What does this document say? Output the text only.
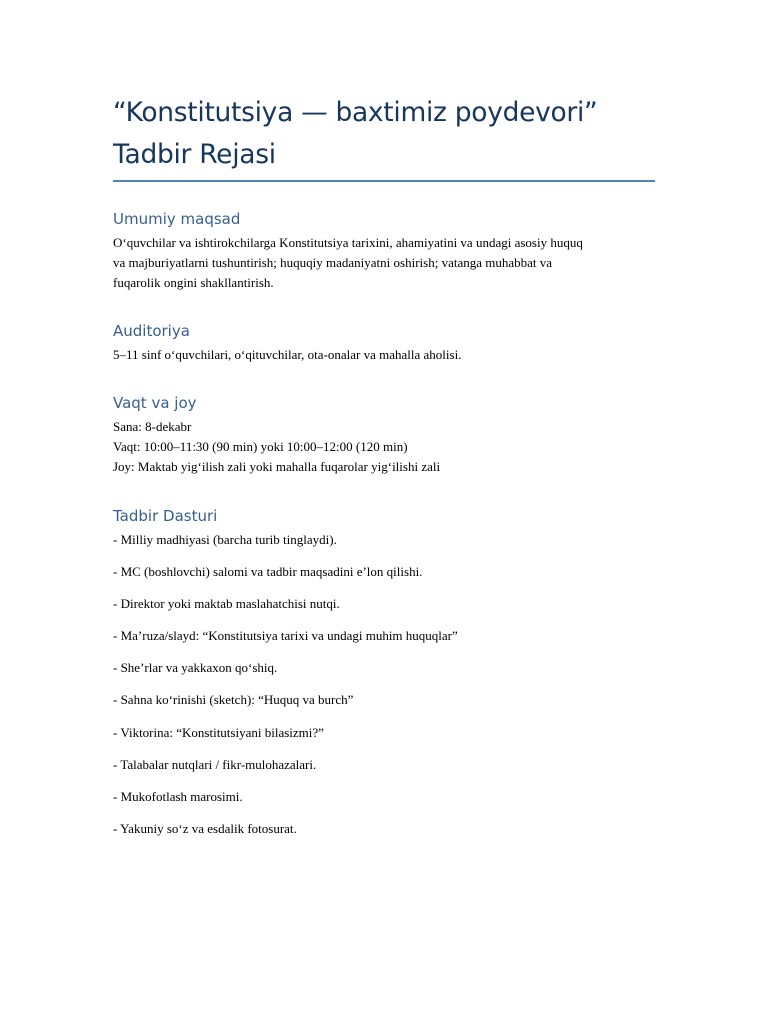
“Konstitutsiya — baxtimiz poydevori”
Tadbir Rejasi
Umumiy maqsad
O‘quvchilar va ishtirokchilarga Konstitutsiya tarixini, ahamiyatini va undagi asosiy huquq
va majburiyatlarni tushuntirish; huquqiy madaniyatni oshirish; vatanga muhabbat va
fuqarolik ongini shakllantirish.
Auditoriya

5–11 sinf o‘quvchilari, o‘qituvchilar, ota-onalar va mahalla aholisi.

Vaqt va joy
Sana: 8-dekabr
Vaqt: 10:00–11:30 (90 min) yoki 10:00–12:00 (120 min)
Joy: Maktab yig‘ilish zali yoki mahalla fuqarolar yig‘ilishi zali
Tadbir Dasturi
- Milliy madhiyasi (barcha turib tinglaydi).
- MC (boshlovchi) salomi va tadbir maqsadini e’lon qilishi.
- Direktor yoki maktab maslahatchisi nutqi.
- Ma’ruza/slayd: “Konstitutsiya tarixi va undagi muhim huquqlar”
- She’rlar va yakkaxon qo‘shiq.
- Sahna ko‘rinishi (sketch): “Huquq va burch”
- Viktorina: “Konstitutsiyani bilasizmi?”
- Talabalar nutqlari / fikr-mulohazalari.
- Mukofotlash marosimi.
- Yakuniy so‘z va esdalik fotosurat.
